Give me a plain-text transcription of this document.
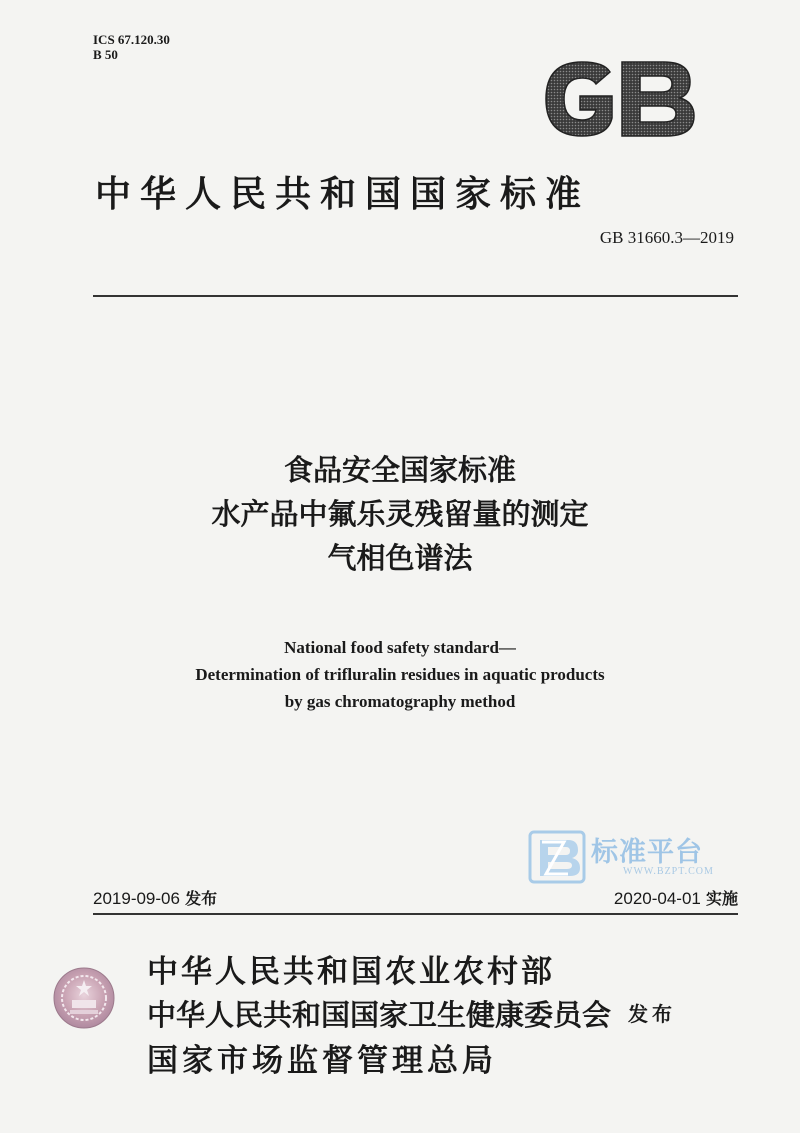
ICS 67.120.30
B 50
中华人民共和国国家标准
GB 31660.3—2019
食品安全国家标准
水产品中氟乐灵残留量的测定
气相色谱法
National food safety standard—
Determination of trifluralin residues in aquatic products
by gas chromatography method
标准平台
WWW.BZPT.COM
2019-09-06 发布	2020-04-01 实施
中华人民共和国农业农村部
中华人民共和国国家卫生健康委员会
国家市场监督管理总局
发布
